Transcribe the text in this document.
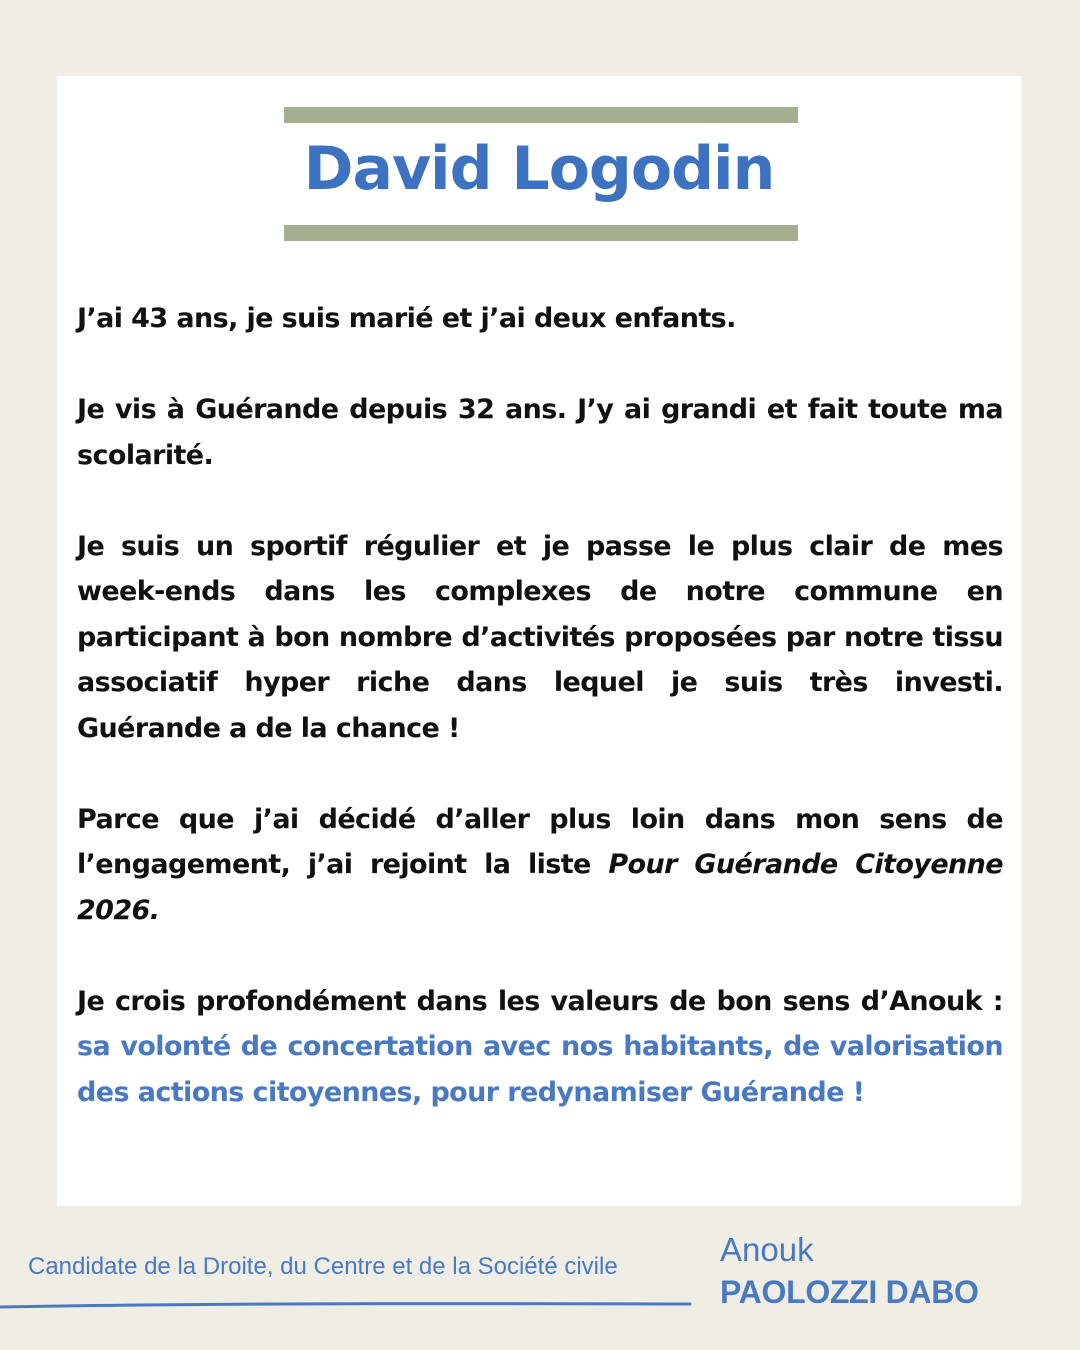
David Logodin

J’ai 43 ans, je suis marié et j’ai deux enfants.

Je vis à Guérande depuis 32 ans. J’y ai grandi et fait toute ma scolarité.

Je suis un sportif régulier et je passe le plus clair de mes week-ends dans les complexes de notre commune en participant à bon nombre d’activités proposées par notre tissu associatif hyper riche dans lequel je suis très investi. Guérande a de la chance !

Parce que j’ai décidé d’aller plus loin dans mon sens de l’engagement, j’ai rejoint la liste Pour Guérande Citoyenne 2026.

Je crois profondément dans les valeurs de bon sens d’Anouk : sa volonté de concertation avec nos habitants, de valorisation des actions citoyennes, pour redynamiser Guérande !

Candidate de la Droite, du Centre et de la Société civile	Anouk
PAOLOZZI DABO
